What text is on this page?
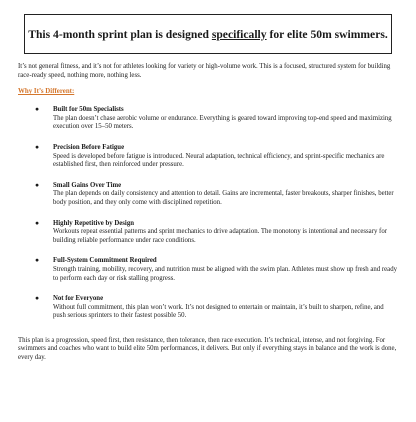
This 4-month sprint plan is designed specifically for elite 50m swimmers.

It’s not general fitness, and it’s not for athletes looking for variety or high-volume work. This is a focused, structured system for building race-ready speed, nothing more, nothing less.

Why It’s Different:

● Built for 50m Specialists
The plan doesn’t chase aerobic volume or endurance. Everything is geared toward improving top-end speed and maximizing execution over 15–50 meters.
● Precision Before Fatigue
Speed is developed before fatigue is introduced. Neural adaptation, technical efficiency, and sprint-specific mechanics are established first, then reinforced under pressure.
● Small Gains Over Time
The plan depends on daily consistency and attention to detail. Gains are incremental, faster breakouts, sharper finishes, better body position, and they only come with disciplined repetition.
● Highly Repetitive by Design
Workouts repeat essential patterns and sprint mechanics to drive adaptation. The monotony is intentional and necessary for building reliable performance under race conditions.
● Full-System Commitment Required
Strength training, mobility, recovery, and nutrition must be aligned with the swim plan. Athletes must show up fresh and ready to perform each day or risk stalling progress.
● Not for Everyone
Without full commitment, this plan won’t work. It’s not designed to entertain or maintain, it’s built to sharpen, refine, and push serious sprinters to their fastest possible 50.

This plan is a progression, speed first, then resistance, then tolerance, then race execution. It’s technical, intense, and not forgiving. For swimmers and coaches who want to build elite 50m performances, it delivers. But only if everything stays in balance and the work is done, every day.
